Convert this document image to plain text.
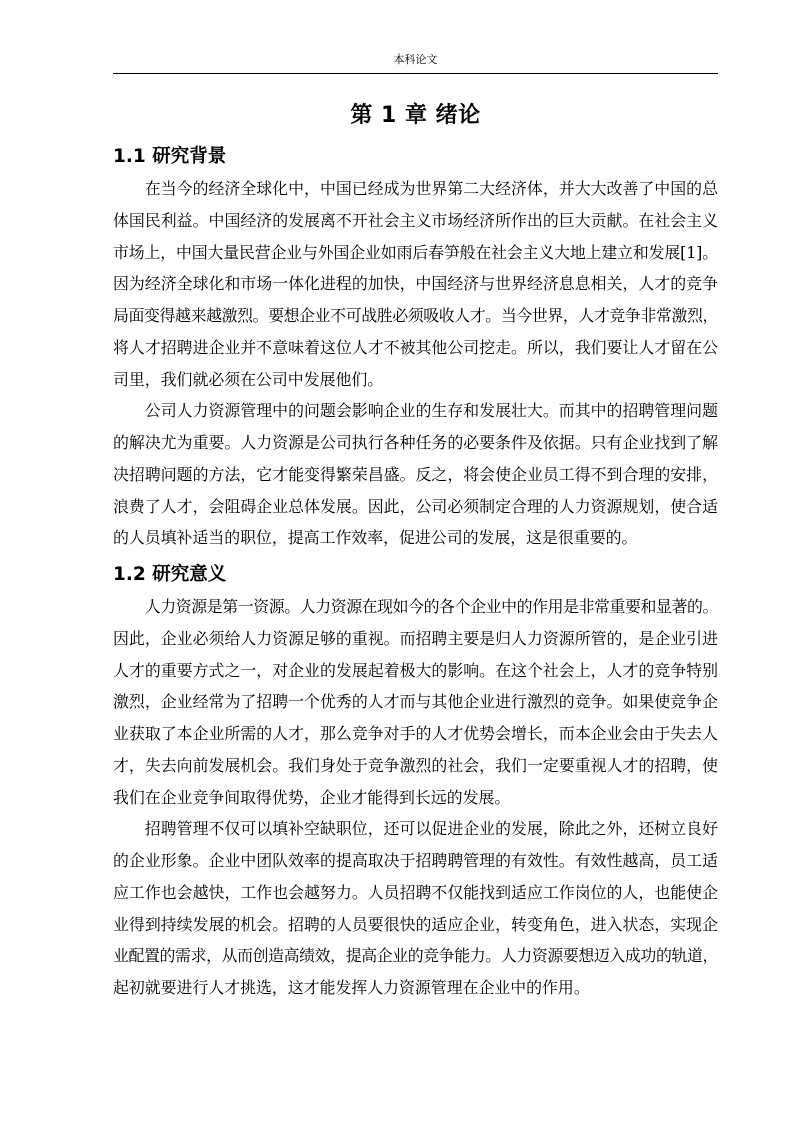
本科论文
第 1 章 绪论
1.1 研究背景
在当今的经济全球化中，中国已经成为世界第二大经济体，并大大改善了中国的总
体国民利益。中国经济的发展离不开社会主义市场经济所作出的巨大贡献。在社会主义
市场上，中国大量民营企业与外国企业如雨后春笋般在社会主义大地上建立和发展[1]。
因为经济全球化和市场一体化进程的加快，中国经济与世界经济息息相关，人才的竞争
局面变得越来越激烈。要想企业不可战胜必须吸收人才。当今世界，人才竞争非常激烈，
将人才招聘进企业并不意味着这位人才不被其他公司挖走。所以，我们要让人才留在公
司里，我们就必须在公司中发展他们。
公司人力资源管理中的问题会影响企业的生存和发展壮大。而其中的招聘管理问题
的解决尤为重要。人力资源是公司执行各种任务的必要条件及依据。只有企业找到了解
决招聘问题的方法，它才能变得繁荣昌盛。反之，将会使企业员工得不到合理的安排，
浪费了人才，会阻碍企业总体发展。因此，公司必须制定合理的人力资源规划，使合适
的人员填补适当的职位，提高工作效率，促进公司的发展，这是很重要的。
1.2 研究意义
人力资源是第一资源。人力资源在现如今的各个企业中的作用是非常重要和显著的。
因此，企业必须给人力资源足够的重视。而招聘主要是归人力资源所管的，是企业引进
人才的重要方式之一，对企业的发展起着极大的影响。在这个社会上，人才的竞争特别
激烈，企业经常为了招聘一个优秀的人才而与其他企业进行激烈的竞争。如果使竞争企
业获取了本企业所需的人才，那么竞争对手的人才优势会增长，而本企业会由于失去人
才，失去向前发展机会。我们身处于竞争激烈的社会，我们一定要重视人才的招聘，使
我们在企业竞争间取得优势，企业才能得到长远的发展。
招聘管理不仅可以填补空缺职位，还可以促进企业的发展，除此之外，还树立良好
的企业形象。企业中团队效率的提高取决于招聘聘管理的有效性。有效性越高，员工适
应工作也会越快，工作也会越努力。人员招聘不仅能找到适应工作岗位的人，也能使企
业得到持续发展的机会。招聘的人员要很快的适应企业，转变角色，进入状态，实现企
业配置的需求，从而创造高绩效，提高企业的竞争能力。人力资源要想迈入成功的轨道，
起初就要进行人才挑选，这才能发挥人力资源管理在企业中的作用。
